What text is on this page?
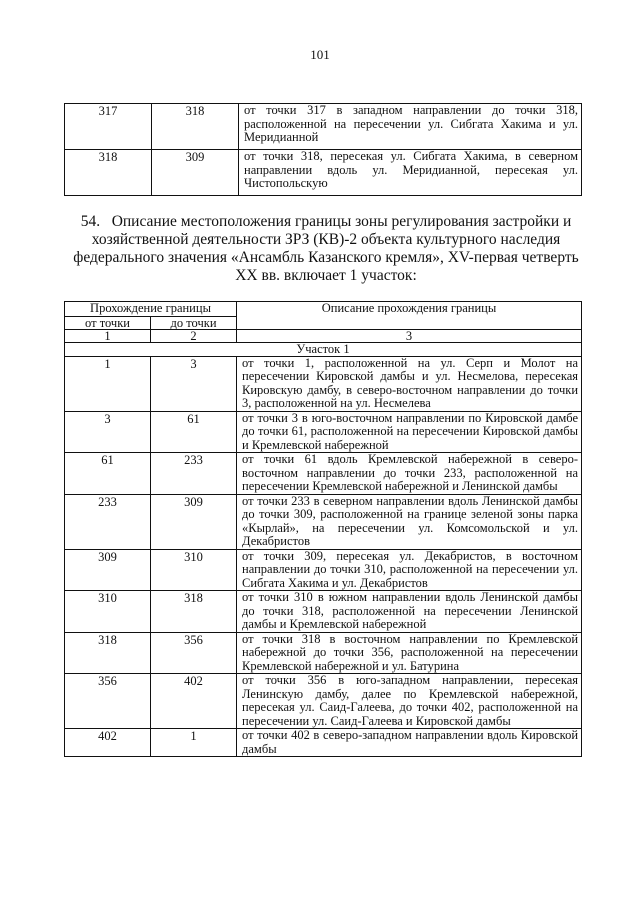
101
317	318	от точки 317 в западном направлении до точки 318, расположенной на пересечении ул. Сибгата Хакима и ул. Меридианной
318	309	от точки 318, пересекая ул. Сибгата Хакима, в северном направлении вдоль ул. Меридианной, пересекая ул. Чистопольскую
54.   Описание местоположения границы зоны регулирования застройки и хозяйственной деятельности ЗРЗ (КВ)-2 объекта культурного наследия федерального значения «Ансамбль Казанского кремля», XV-первая четверть XX вв. включает 1 участок:
Прохождение границы		Описание прохождения границы
от точки	до точки	
1	2	3
Участок 1		
1	3	от точки 1, расположенной на ул. Серп и Молот на пересечении Кировской дамбы и ул. Несмелова, пересекая Кировскую дамбу, в северо-восточном направлении до точки 3, расположенной на ул. Несмелева
3	61	от точки 3 в юго-восточном направлении по Кировской дамбе до точки 61, расположенной на пересечении Кировской дамбы и Кремлевской набережной
61	233	от точки 61 вдоль Кремлевской набережной в северо-восточном направлении до точки 233, расположенной на пересечении Кремлевской набережной и Ленинской дамбы
233	309	от точки 233 в северном направлении вдоль Ленинской дамбы до точки 309, расположенной на границе зеленой зоны парка «Кырлай», на пересечении ул. Комсомольской и ул. Декабристов
309	310	от точки 309, пересекая ул. Декабристов, в восточном направлении до точки 310, расположенной на пересечении ул. Сибгата Хакима и ул. Декабристов
310	318	от точки 310 в южном направлении вдоль Ленинской дамбы до точки 318, расположенной на пересечении Ленинской дамбы и Кремлевской набережной
318	356	от точки 318 в восточном направлении по Кремлевской набережной до точки 356, расположенной на пересечении Кремлевской набережной и ул. Батурина
356	402	от точки 356 в юго-западном направлении, пересекая Ленинскую дамбу, далее по Кремлевской набережной, пересекая ул. Саид-Галеева, до точки 402, расположенной на пересечении ул. Саид-Галеева и Кировской дамбы
402	1	от точки 402 в северо-западном направлении вдоль Кировской дамбы
